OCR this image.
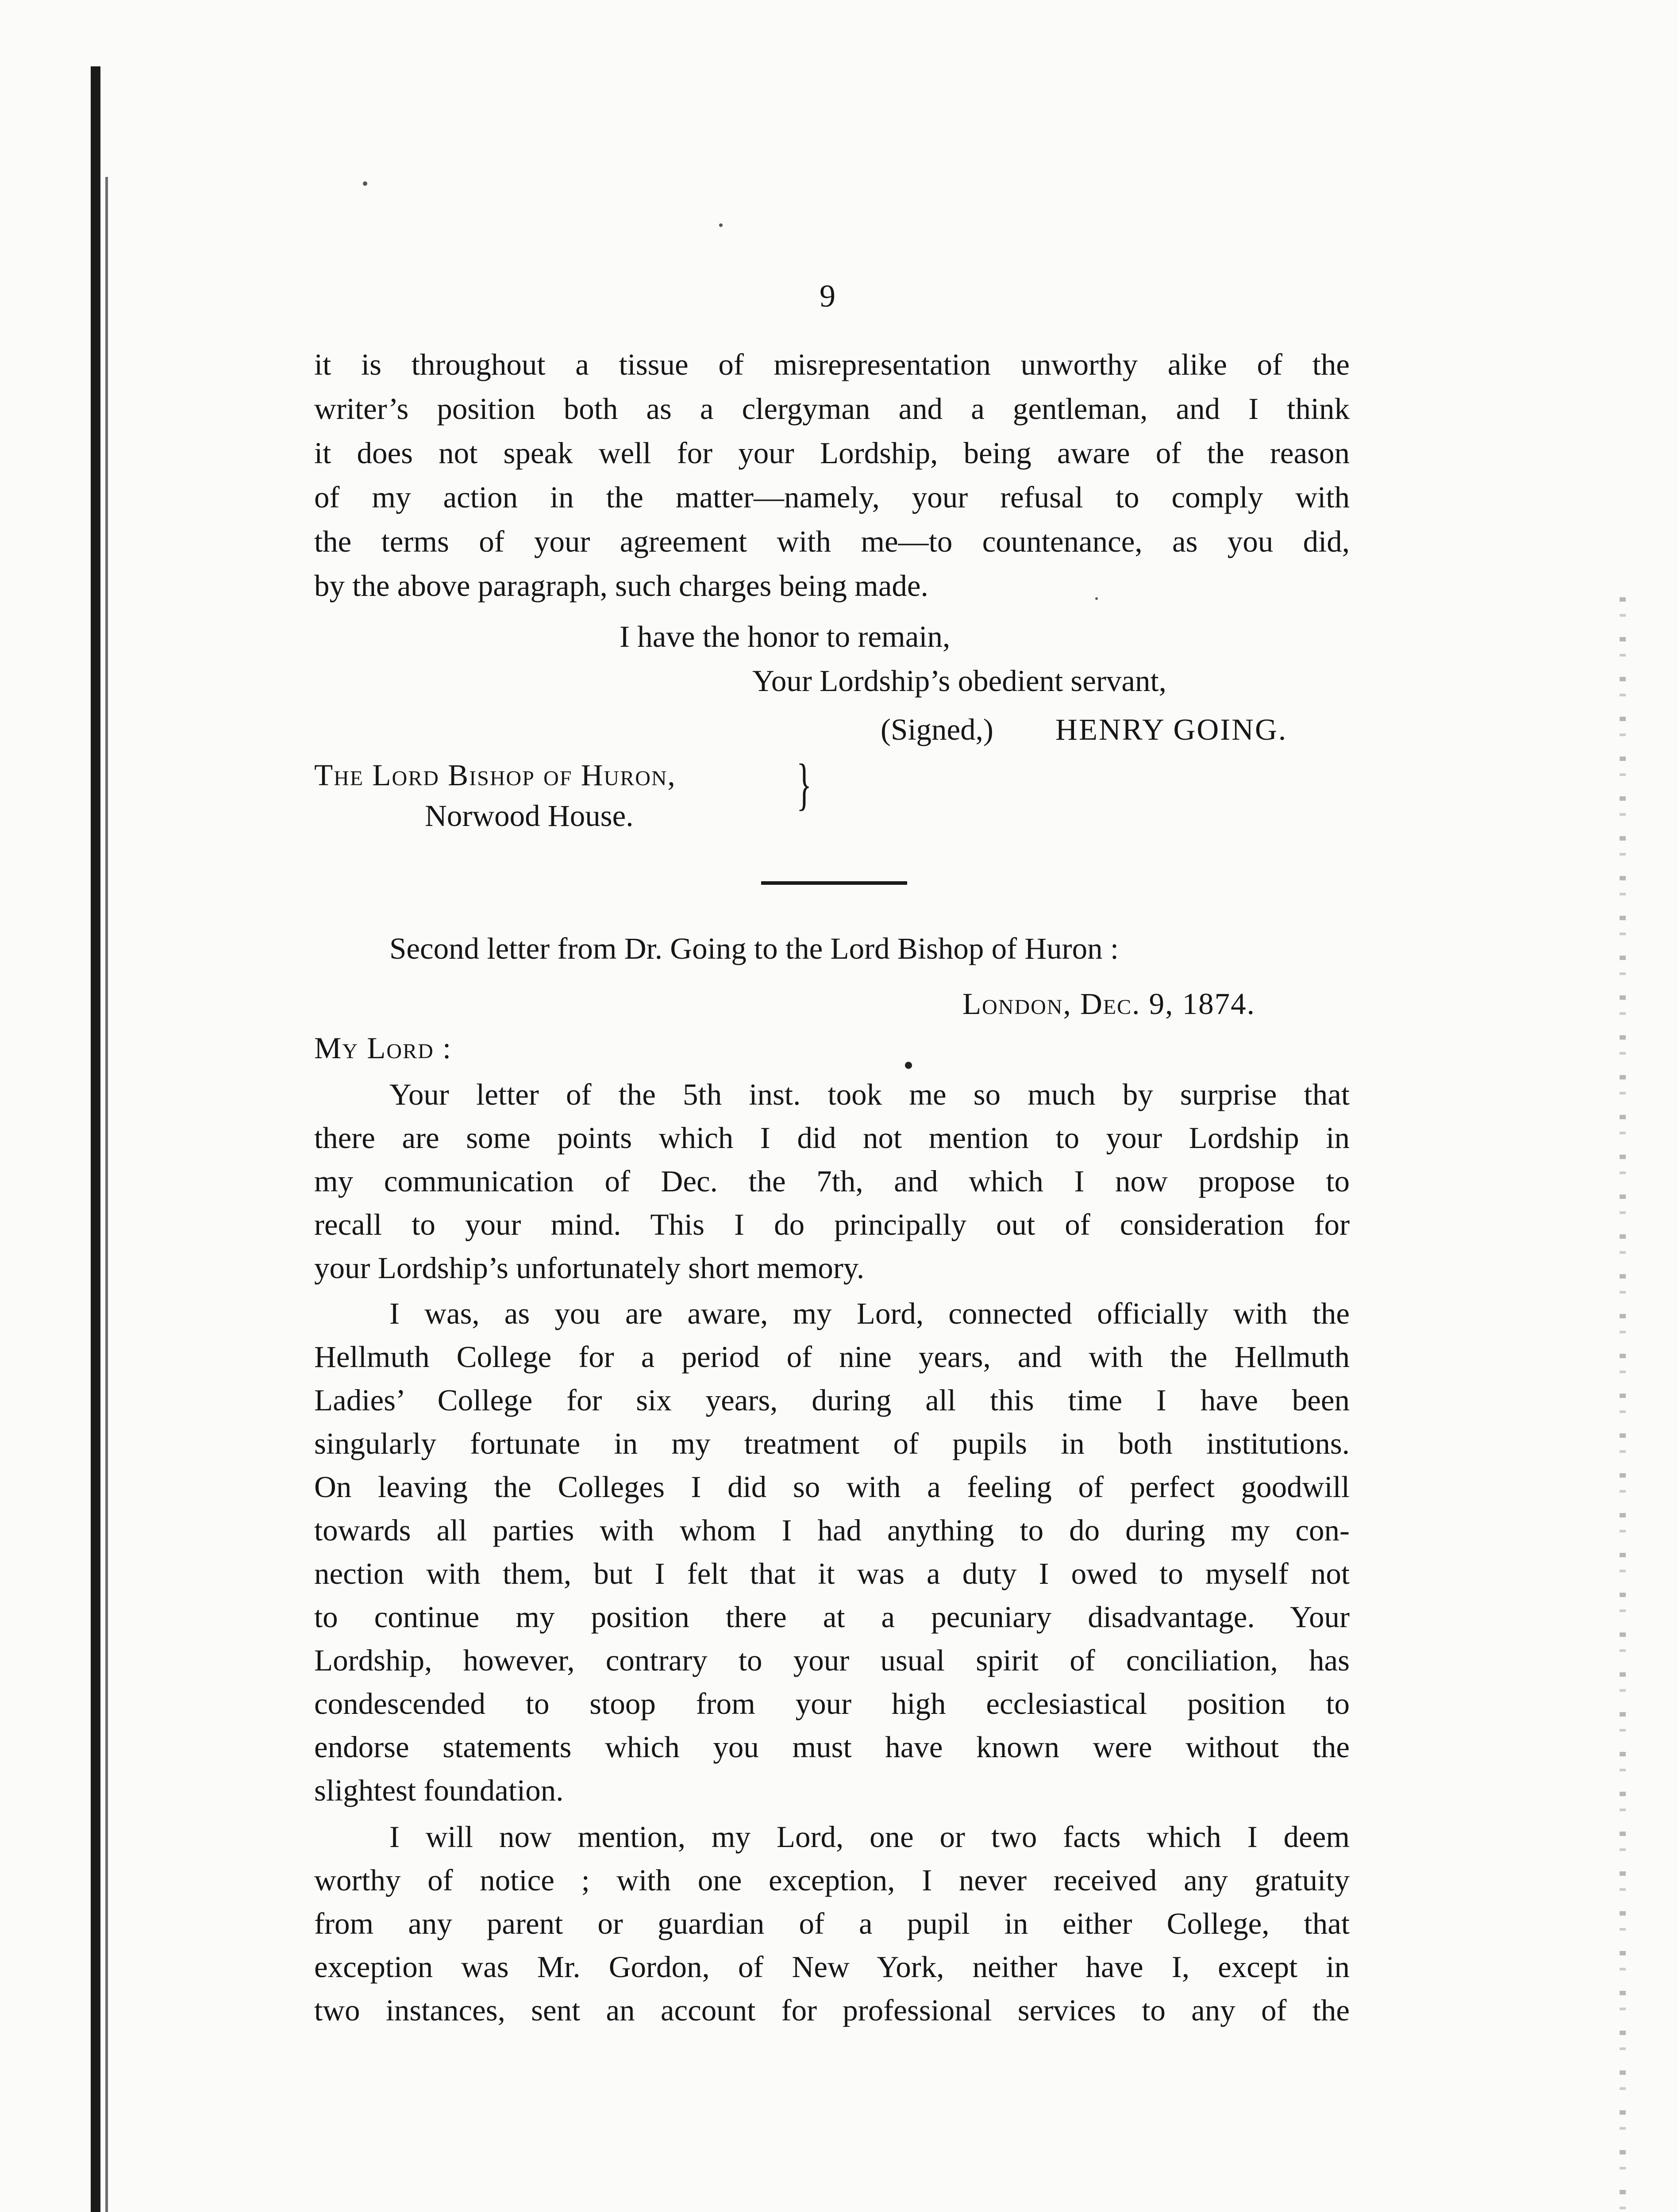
9
it is throughout a tissue of misrepresentation unworthy alike of the
writer’s position both as a clergyman and a gentleman, and I think
it does not speak well for your Lordship, being aware of the reason
of my action in the matter—namely, your refusal to comply with
the terms of your agreement with me—to countenance, as you did,
by the above paragraph, such charges being made.
I have the honor to remain,
Your Lordship’s obedient servant,
(Signed,) HENRY GOING.
The Lord Bishop of Huron,
Norwood House.	}
Second letter from Dr. Going to the Lord Bishop of Huron :
London, Dec. 9, 1874.
My Lord :
Your letter of the 5th inst. took me so much by surprise that
there are some points which I did not mention to your Lordship in
my communication of Dec. the 7th, and which I now propose to
recall to your mind. This I do principally out of consideration for
your Lordship’s unfortunately short memory.
I was, as you are aware, my Lord, connected officially with the
Hellmuth College for a period of nine years, and with the Hellmuth
Ladies’ College for six years, during all this time I have been
singularly fortunate in my treatment of pupils in both institutions.
On leaving the Colleges I did so with a feeling of perfect goodwill
towards all parties with whom I had anything to do during my con-
nection with them, but I felt that it was a duty I owed to myself not
to continue my position there at a pecuniary disadvantage. Your
Lordship, however, contrary to your usual spirit of conciliation, has
condescended to stoop from your high ecclesiastical position to
endorse statements which you must have known were without the
slightest foundation.
I will now mention, my Lord, one or two facts which I deem
worthy of notice ; with one exception, I never received any gratuity
from any parent or guardian of a pupil in either College, that
exception was Mr. Gordon, of New York, neither have I, except in
two instances, sent an account for professional services to any of the
